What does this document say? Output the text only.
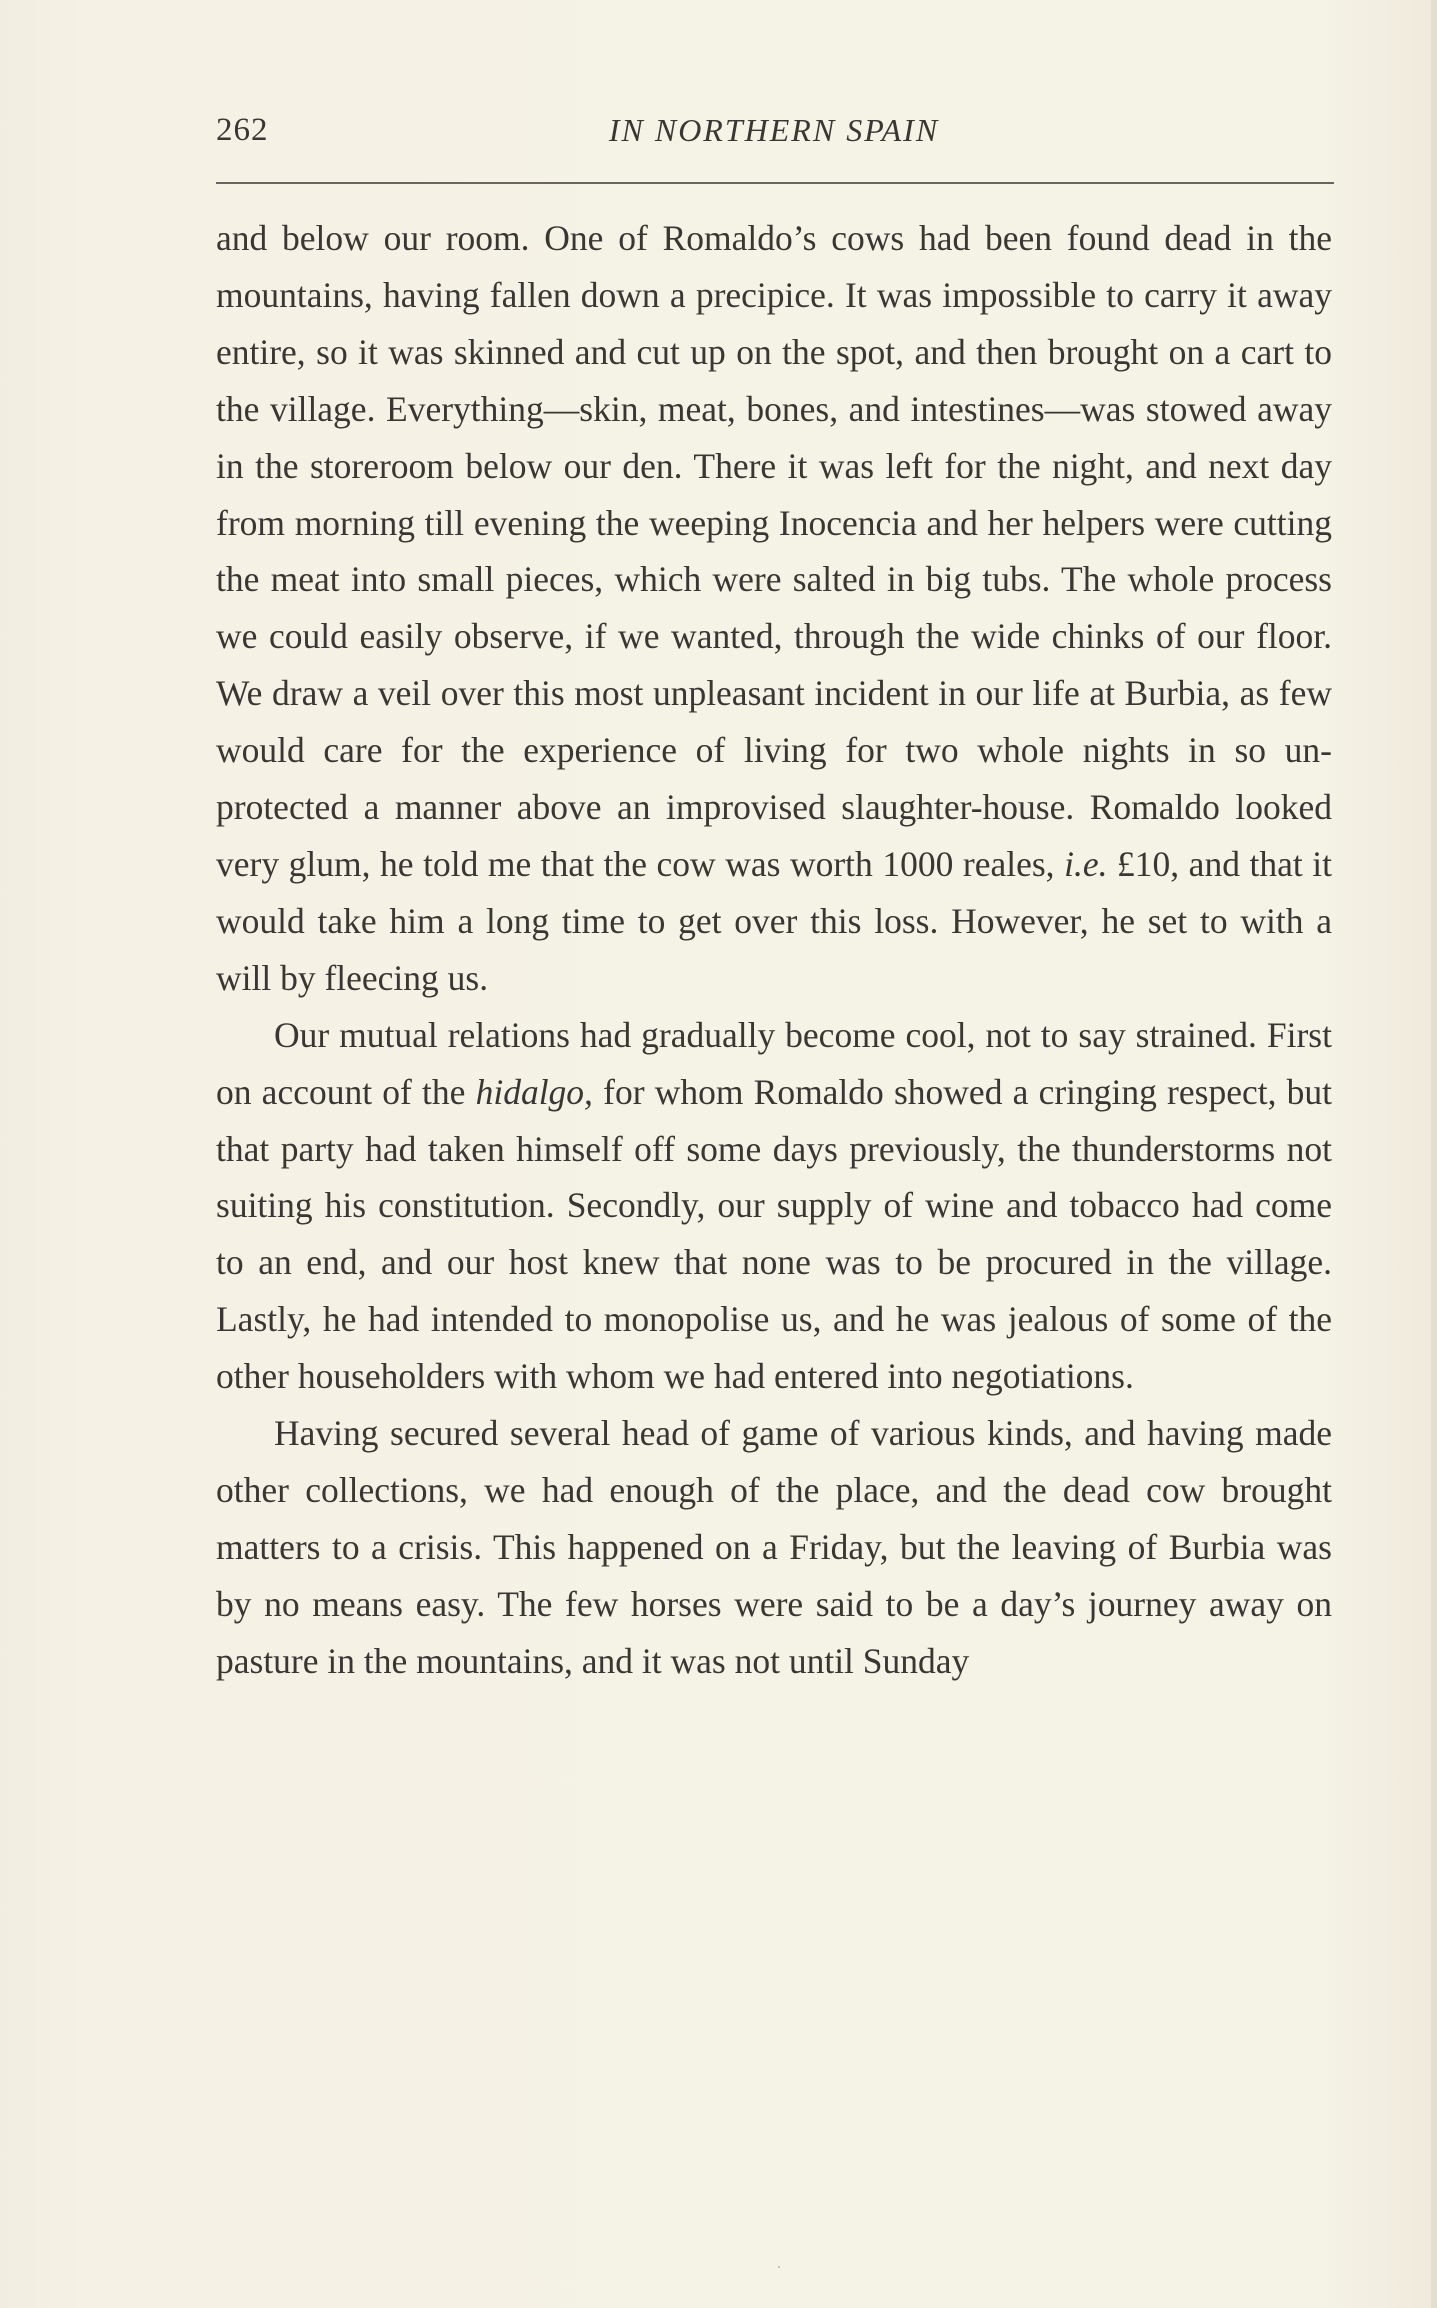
262	IN NORTHERN SPAIN

and below our room. One of Romaldo’s cows had been found dead in the mountains, having fallen down a precipice. It was impossible to carry it away entire, so it was skinned and cut up on the spot, and then brought on a cart to the village. Everything—skin, meat, bones, and intestines—was stowed away in the storeroom below our den. There it was left for the night, and next day from morning till evening the weeping Inocencia and her helpers were cutting the meat into small pieces, which were salted in big tubs. The whole process we could easily observe, if we wanted, through the wide chinks of our floor. We draw a veil over this most unpleasant incident in our life at Burbia, as few would care for the experience of living for two whole nights in so un-protected a manner above an improvised slaughter-house. Romaldo looked very glum, he told me that the cow was worth 1000 reales, i.e. £10, and that it would take him a long time to get over this loss. However, he set to with a will by fleecing us.

Our mutual relations had gradually become cool, not to say strained. First on account of the hidalgo, for whom Romaldo showed a cringing respect, but that party had taken himself off some days previously, the thunderstorms not suiting his constitution. Secondly, our supply of wine and tobacco had come to an end, and our host knew that none was to be procured in the village. Lastly, he had intended to monopolise us, and he was jealous of some of the other householders with whom we had entered into negotiations.

Having secured several head of game of various kinds, and having made other collections, we had enough of the place, and the dead cow brought matters to a crisis. This happened on a Friday, but the leaving of Burbia was by no means easy. The few horses were said to be a day’s journey away on pasture in the mountains, and it was not until Sunday
